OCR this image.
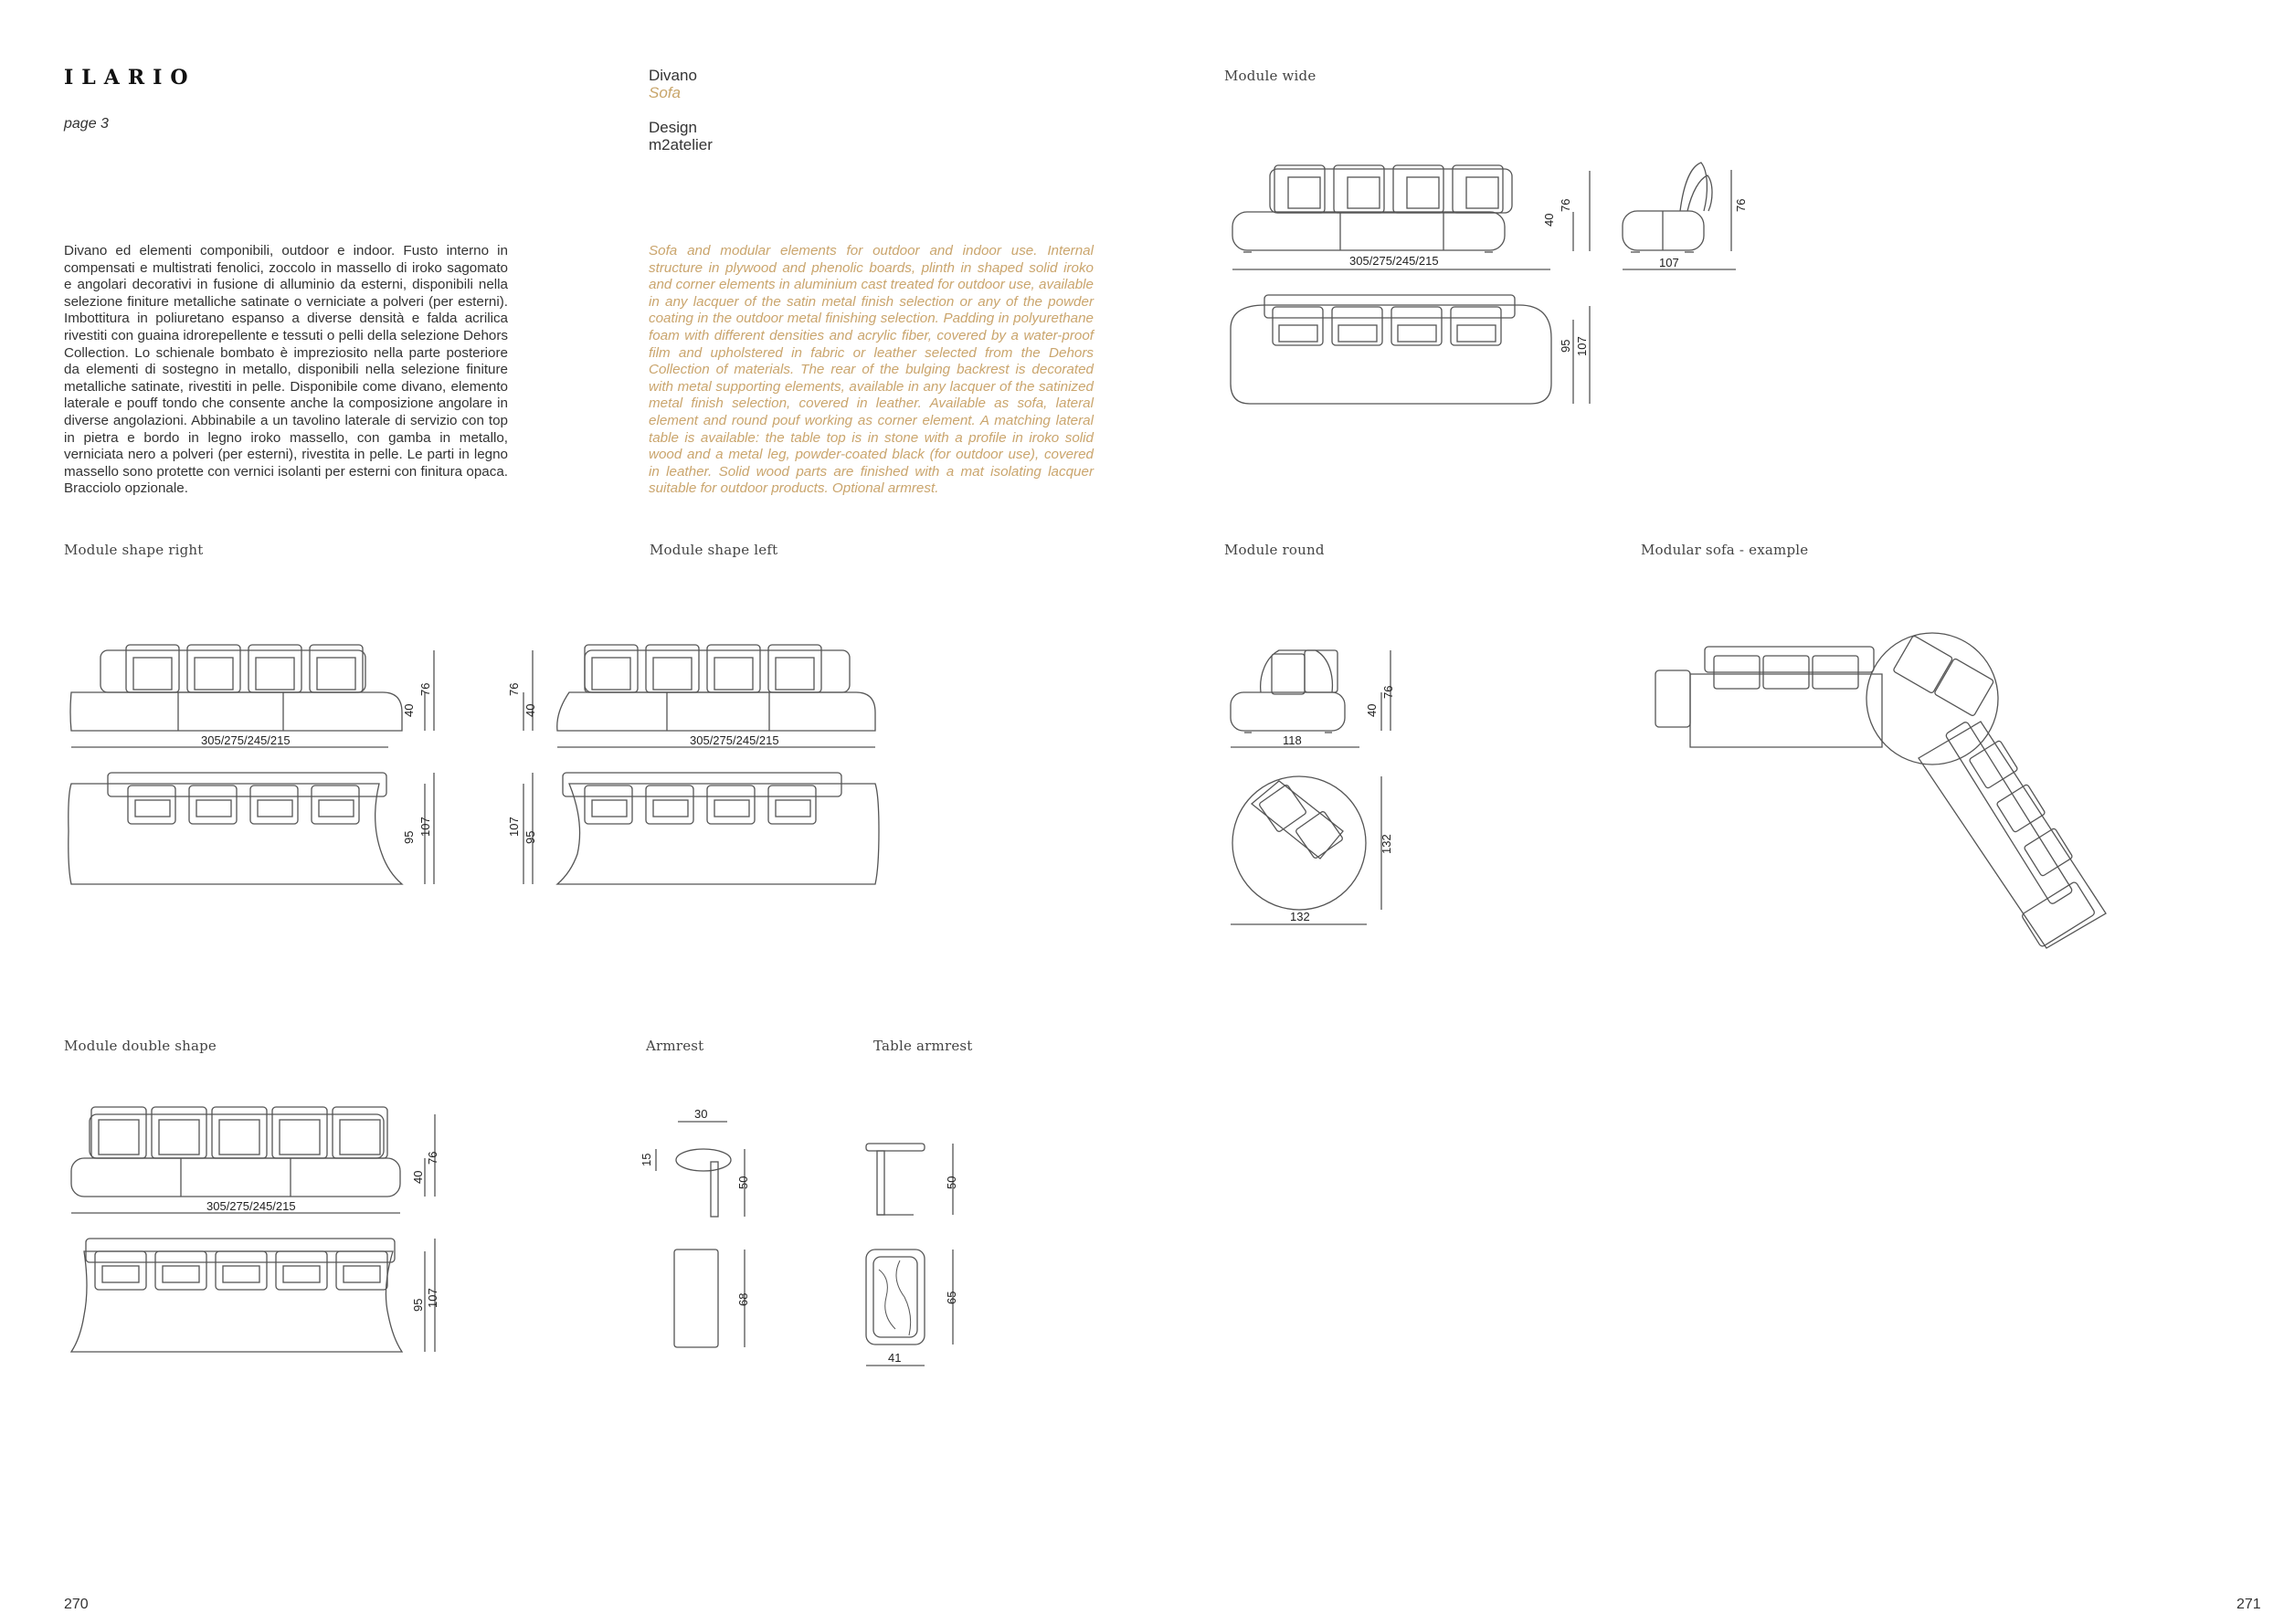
ILARIO
page 3
Divano
Sofa
Design
m2atelier
Divano ed elementi componibili, outdoor e indoor. Fusto interno in compensati e multistrati fenolici, zoccolo in massello di iroko sagomato e angolari decorativi in fusione di alluminio da esterni, disponibili nella selezione finiture metalliche satinate o verniciate a polveri (per esterni). Imbottitura in poliuretano espanso a diverse densità e falda acrilica rivestiti con guaina idrorepellente e tessuti o pelli della selezione Dehors Collection. Lo schienale bombato è impreziosito nella parte posteriore da elementi di sostegno in metallo, disponibili nella selezione finiture metalliche satinate, rivestiti in pelle. Disponibile come divano, elemento laterale e pouff tondo che consente anche la composizione angolare in diverse angolazioni. Abbinabile a un tavolino laterale di servizio con top in pietra e bordo in legno iroko massello, con gamba in metallo, verniciata nero a polveri (per esterni), rivestita in pelle. Le parti in legno massello sono protette con vernici isolanti per esterni con finitura opaca. Bracciolo opzionale.
Sofa and modular elements for outdoor and indoor use. Internal structure in plywood and phenolic boards, plinth in shaped solid iroko and corner elements in aluminium cast treated for outdoor use, available in any lacquer of the satin metal finish selection or any of the powder coating in the outdoor metal finishing selection. Padding in polyurethane foam with different densities and acrylic fiber, covered by a water-proof film and upholstered in fabric or leather selected from the Dehors Collection of materials. The rear of the bulging backrest is decorated with metal supporting elements, available in any lacquer of the satinized metal finish selection, covered in leather. Available as sofa, lateral element and round pouf working as corner element. A matching lateral table is available: the table top is in stone with a profile in iroko solid wood and a metal leg, powder-coated black (for outdoor use), covered in leather. Solid wood parts are finished with a mat isolating lacquer suitable for outdoor products. Optional armrest.
Module wide
Module shape right	Module shape left	Module round	Modular sofa - example
Module double shape	Armrest	Table armrest
270	271
305/275/245/215
40
76
107
76
95 107
305/275/245/215
40
76
95
107
305/275/245/215
76
40
107
95
118
40
76
132
132
305/275/245/215
40
76
95 107
30
15
50
68
50
65
41
